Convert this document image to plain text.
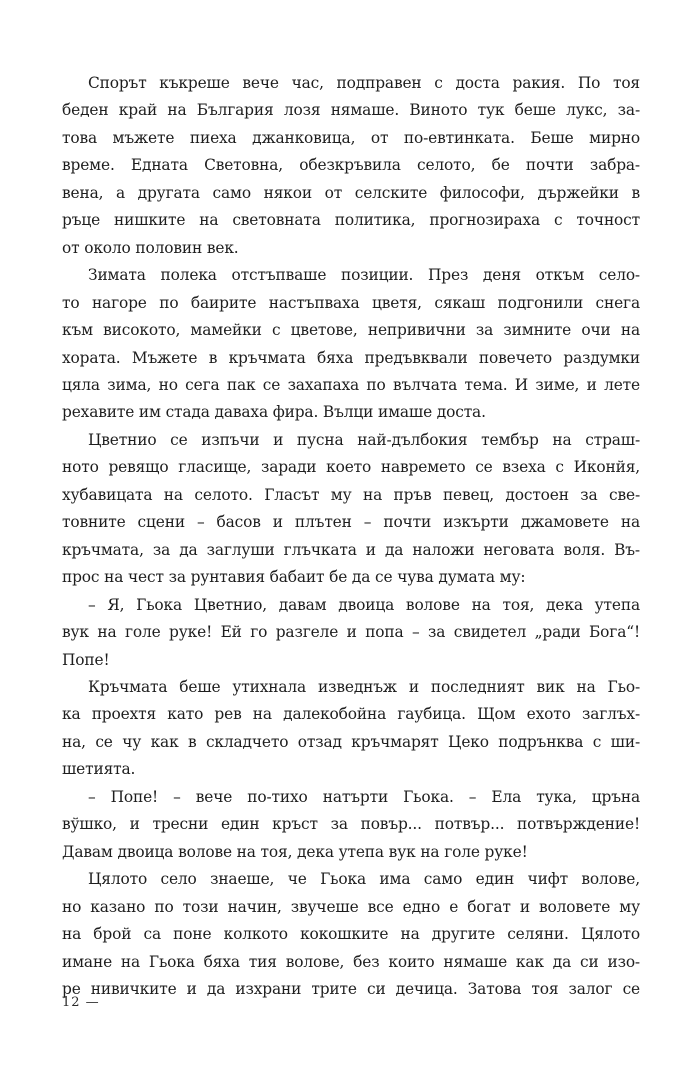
Спорът къкреше вече час, подправен с доста ракия. По тоя
беден край на България лозя нямаше. Виното тук беше лукс, за-
това мъжете пиеха джанковица, от по-евтинката. Беше мирно
време. Едната Световна, обезкръвила селото, бе почти забра-
вена, а другата само някои от селските философи, държейки в
ръце нишките на световната политика, прогнозираха с точност
от около половин век.

Зимата полека отстъпваше позиции. През деня откъм село-
то нагоре по баирите настъпваха цветя, сякаш подгонили снега
към високото, мамейки с цветове, непривични за зимните очи на
хората. Мъжете в кръчмата бяха предъвквали повечето раздумки
цяла зима, но сега пак се захапаха по вълчата тема. И зиме, и лете
рехавите им стада даваха фира. Вълци имаше доста.

Цветнио се изпъчи и пусна най-дълбокия тембър на страш-
ното ревящо гласище, заради което навремето се взеха с Иконйя,
хубавицата на селото. Гласът му на пръв певец, достоен за све-
товните сцени – басов и плътен – почти изкърти джамовете на
кръчмата, за да заглуши глъчката и да наложи неговата воля. Въ-
прос на чест за рунтавия бабаит бе да се чува думата му:

– Я, Гьока Цветнио, давам двоица волове на тоя, дека утепа
вук на голе руке! Ей го разгеле и попа – за свидетел „ради Бога“!
Попе!

Кръчмата беше утихнала изведнъж и последният вик на Гьо-
ка проехтя като рев на далекобойна гаубица. Щом ехото заглъх-
на, се чу как в складчето отзад кръчмарят Цеко подрънква с ши-
шетията.

– Попе! – вече по-тихо натърти Гьока. – Ела тука, цръна
вўшко, и тресни един кръст за повър... потвър... потвърждение!
Давам двоица волове на тоя, дека утепа вук на голе руке!

Цялото село знаеше, че Гьока има само един чифт волове,
но казано по този начин, звучеше все едно е богат и воловете му
на брой са поне колкото кокошките на другите селяни. Цялото
имане на Гьока бяха тия волове, без които нямаше как да си изо-
ре нивичките и да изхрани трите си дечица. Затова тоя залог се

12 —
